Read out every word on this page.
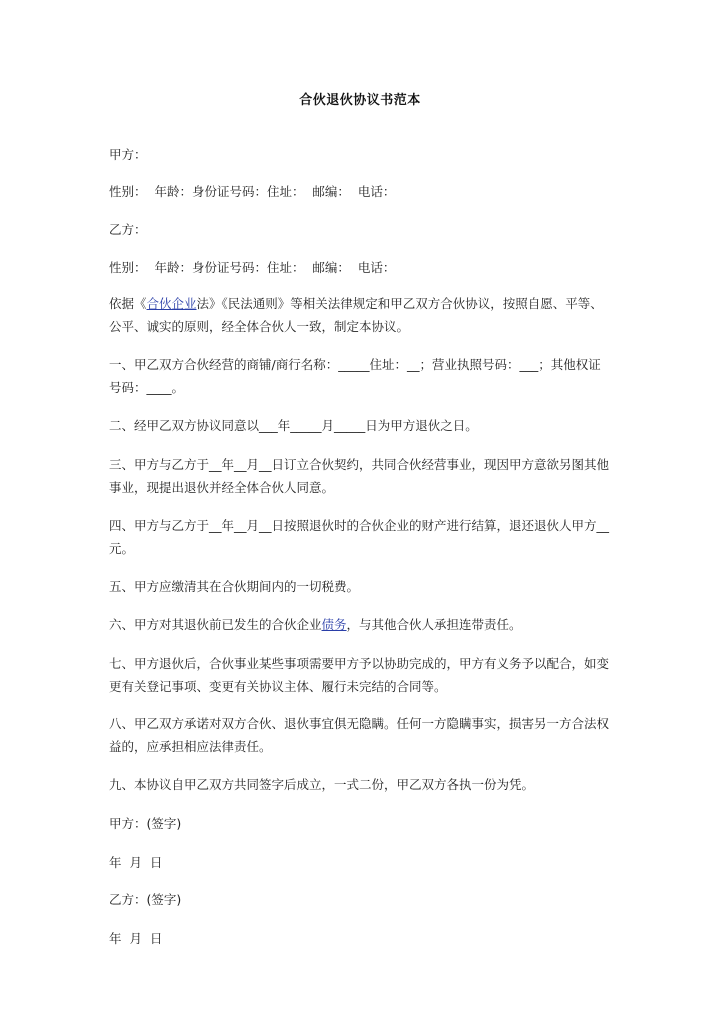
合伙退伙协议书范本
甲方：
性别：  年龄：身份证号码：住址：  邮编：  电话：
乙方：
性别：  年龄：身份证号码：住址：  邮编：  电话：
依据《合伙企业法》《民法通则》等相关法律规定和甲乙双方合伙协议，按照自愿、平等、
公平、诚实的原则，经全体合伙人一致，制定本协议。
一、甲乙双方合伙经营的商铺/商行名称：_____住址：__；营业执照号码：___；其他权证
号码：____。
二、经甲乙双方协议同意以___年_____月_____日为甲方退伙之日。
三、甲方与乙方于__年__月__日订立合伙契约，共同合伙经营事业，现因甲方意欲另图其他
事业，现提出退伙并经全体合伙人同意。
四、甲方与乙方于__年__月__日按照退伙时的合伙企业的财产进行结算，退还退伙人甲方__
元。
五、甲方应缴清其在合伙期间内的一切税费。
六、甲方对其退伙前已发生的合伙企业债务，与其他合伙人承担连带责任。
七、甲方退伙后，合伙事业某些事项需要甲方予以协助完成的，甲方有义务予以配合，如变
更有关登记事项、变更有关协议主体、履行未完结的合同等。
八、甲乙双方承诺对双方合伙、退伙事宜俱无隐瞒。任何一方隐瞒事实，损害另一方合法权
益的，应承担相应法律责任。
九、本协议自甲乙双方共同签字后成立，一式二份，甲乙双方各执一份为凭。
甲方：(签字)
年  月  日
乙方：(签字)
年  月  日
